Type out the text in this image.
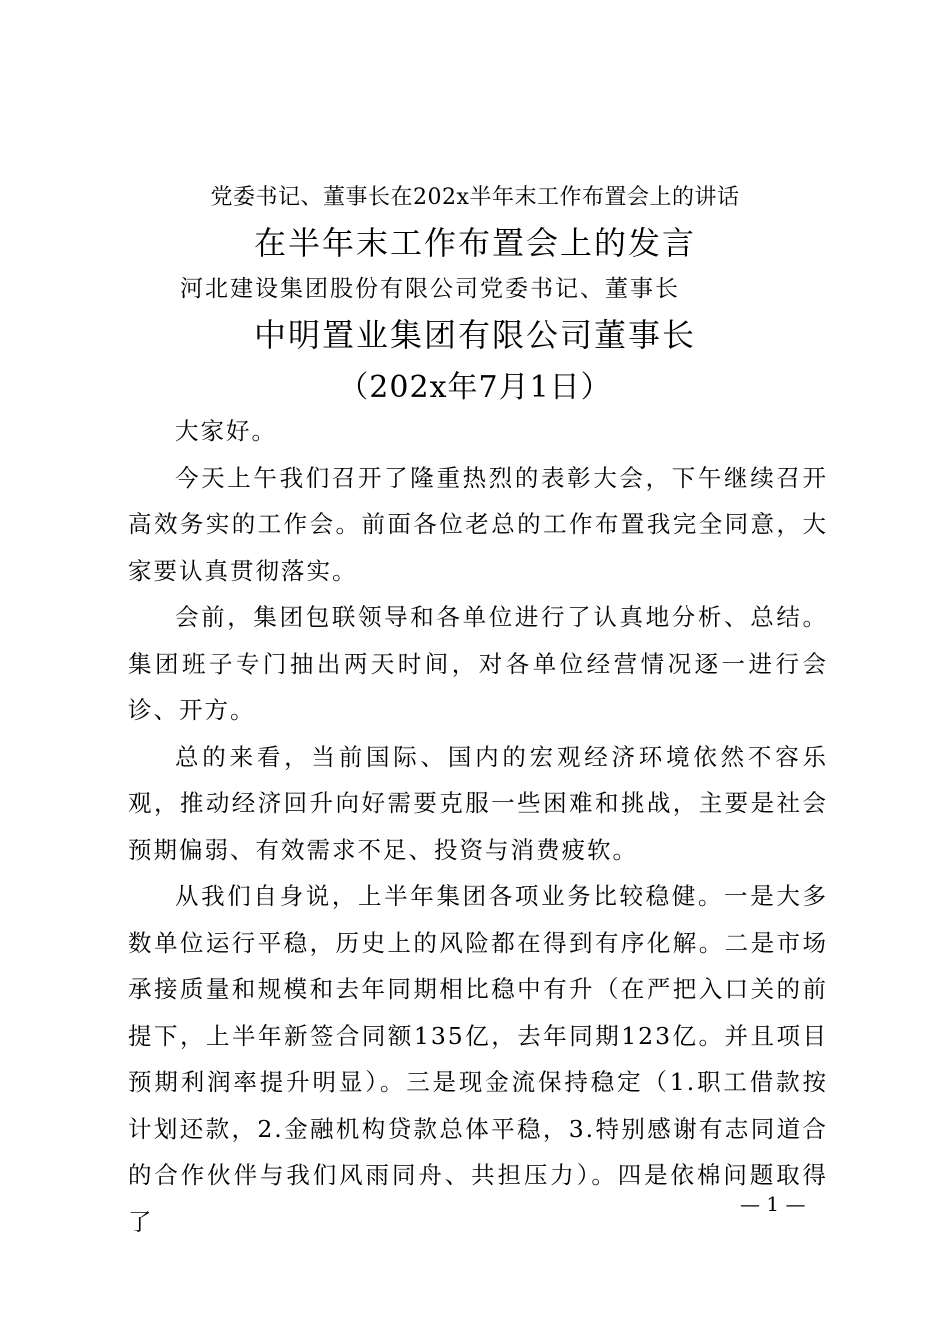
党委书记、董事长在202x半年末工作布置会上的讲话
在半年末工作布置会上的发言
河北建设集团股份有限公司党委书记、董事长
中明置业集团有限公司董事长
（202x年7月1日）

大家好。

今天上午我们召开了隆重热烈的表彰大会，下午继续召开高效务实的工作会。前面各位老总的工作布置我完全同意，大家要认真贯彻落实。

会前，集团包联领导和各单位进行了认真地分析、总结。集团班子专门抽出两天时间，对各单位经营情况逐一进行会诊、开方。

总的来看，当前国际、国内的宏观经济环境依然不容乐观，推动经济回升向好需要克服一些困难和挑战，主要是社会预期偏弱、有效需求不足、投资与消费疲软。

从我们自身说，上半年集团各项业务比较稳健。一是大多数单位运行平稳，历史上的风险都在得到有序化解。二是市场承接质量和规模和去年同期相比稳中有升（在严把入口关的前提下，上半年新签合同额135亿，去年同期123亿。并且项目预期利润率提升明显）。三是现金流保持稳定（1.职工借款按计划还款，2.金融机构贷款总体平稳，3.特别感谢有志同道合的合作伙伴与我们风雨同舟、共担压力）。四是依棉问题取得了

— 1 —
